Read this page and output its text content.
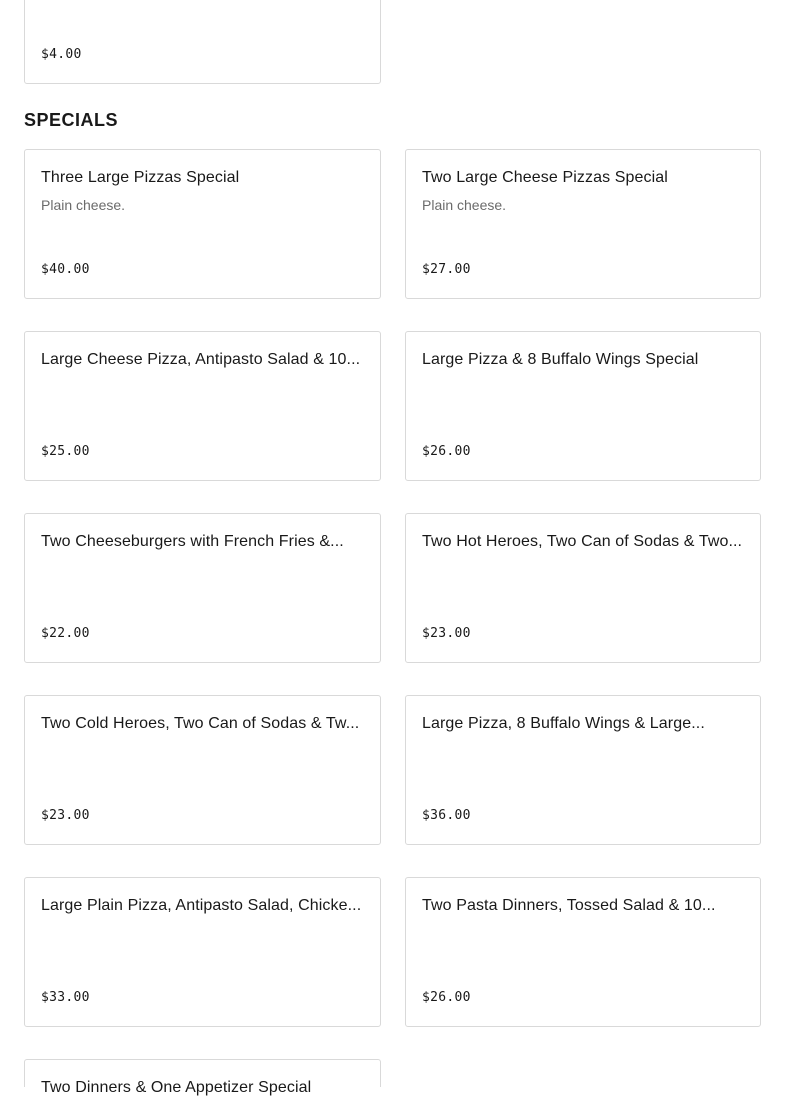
$4.00
SPECIALS
Three Large Pizzas Special
Plain cheese.
$40.00
Two Large Cheese Pizzas Special
Plain cheese.
$27.00
Large Cheese Pizza, Antipasto Salad & 10...
$25.00
Large Pizza & 8 Buffalo Wings Special
$26.00
Two Cheeseburgers with French Fries &...
$22.00
Two Hot Heroes, Two Can of Sodas & Two...
$23.00
Two Cold Heroes, Two Can of Sodas & Tw...
$23.00
Large Pizza, 8 Buffalo Wings & Large...
$36.00
Large Plain Pizza, Antipasto Salad, Chicke...
$33.00
Two Pasta Dinners, Tossed Salad & 10...
$26.00
Two Dinners & One Appetizer Special
